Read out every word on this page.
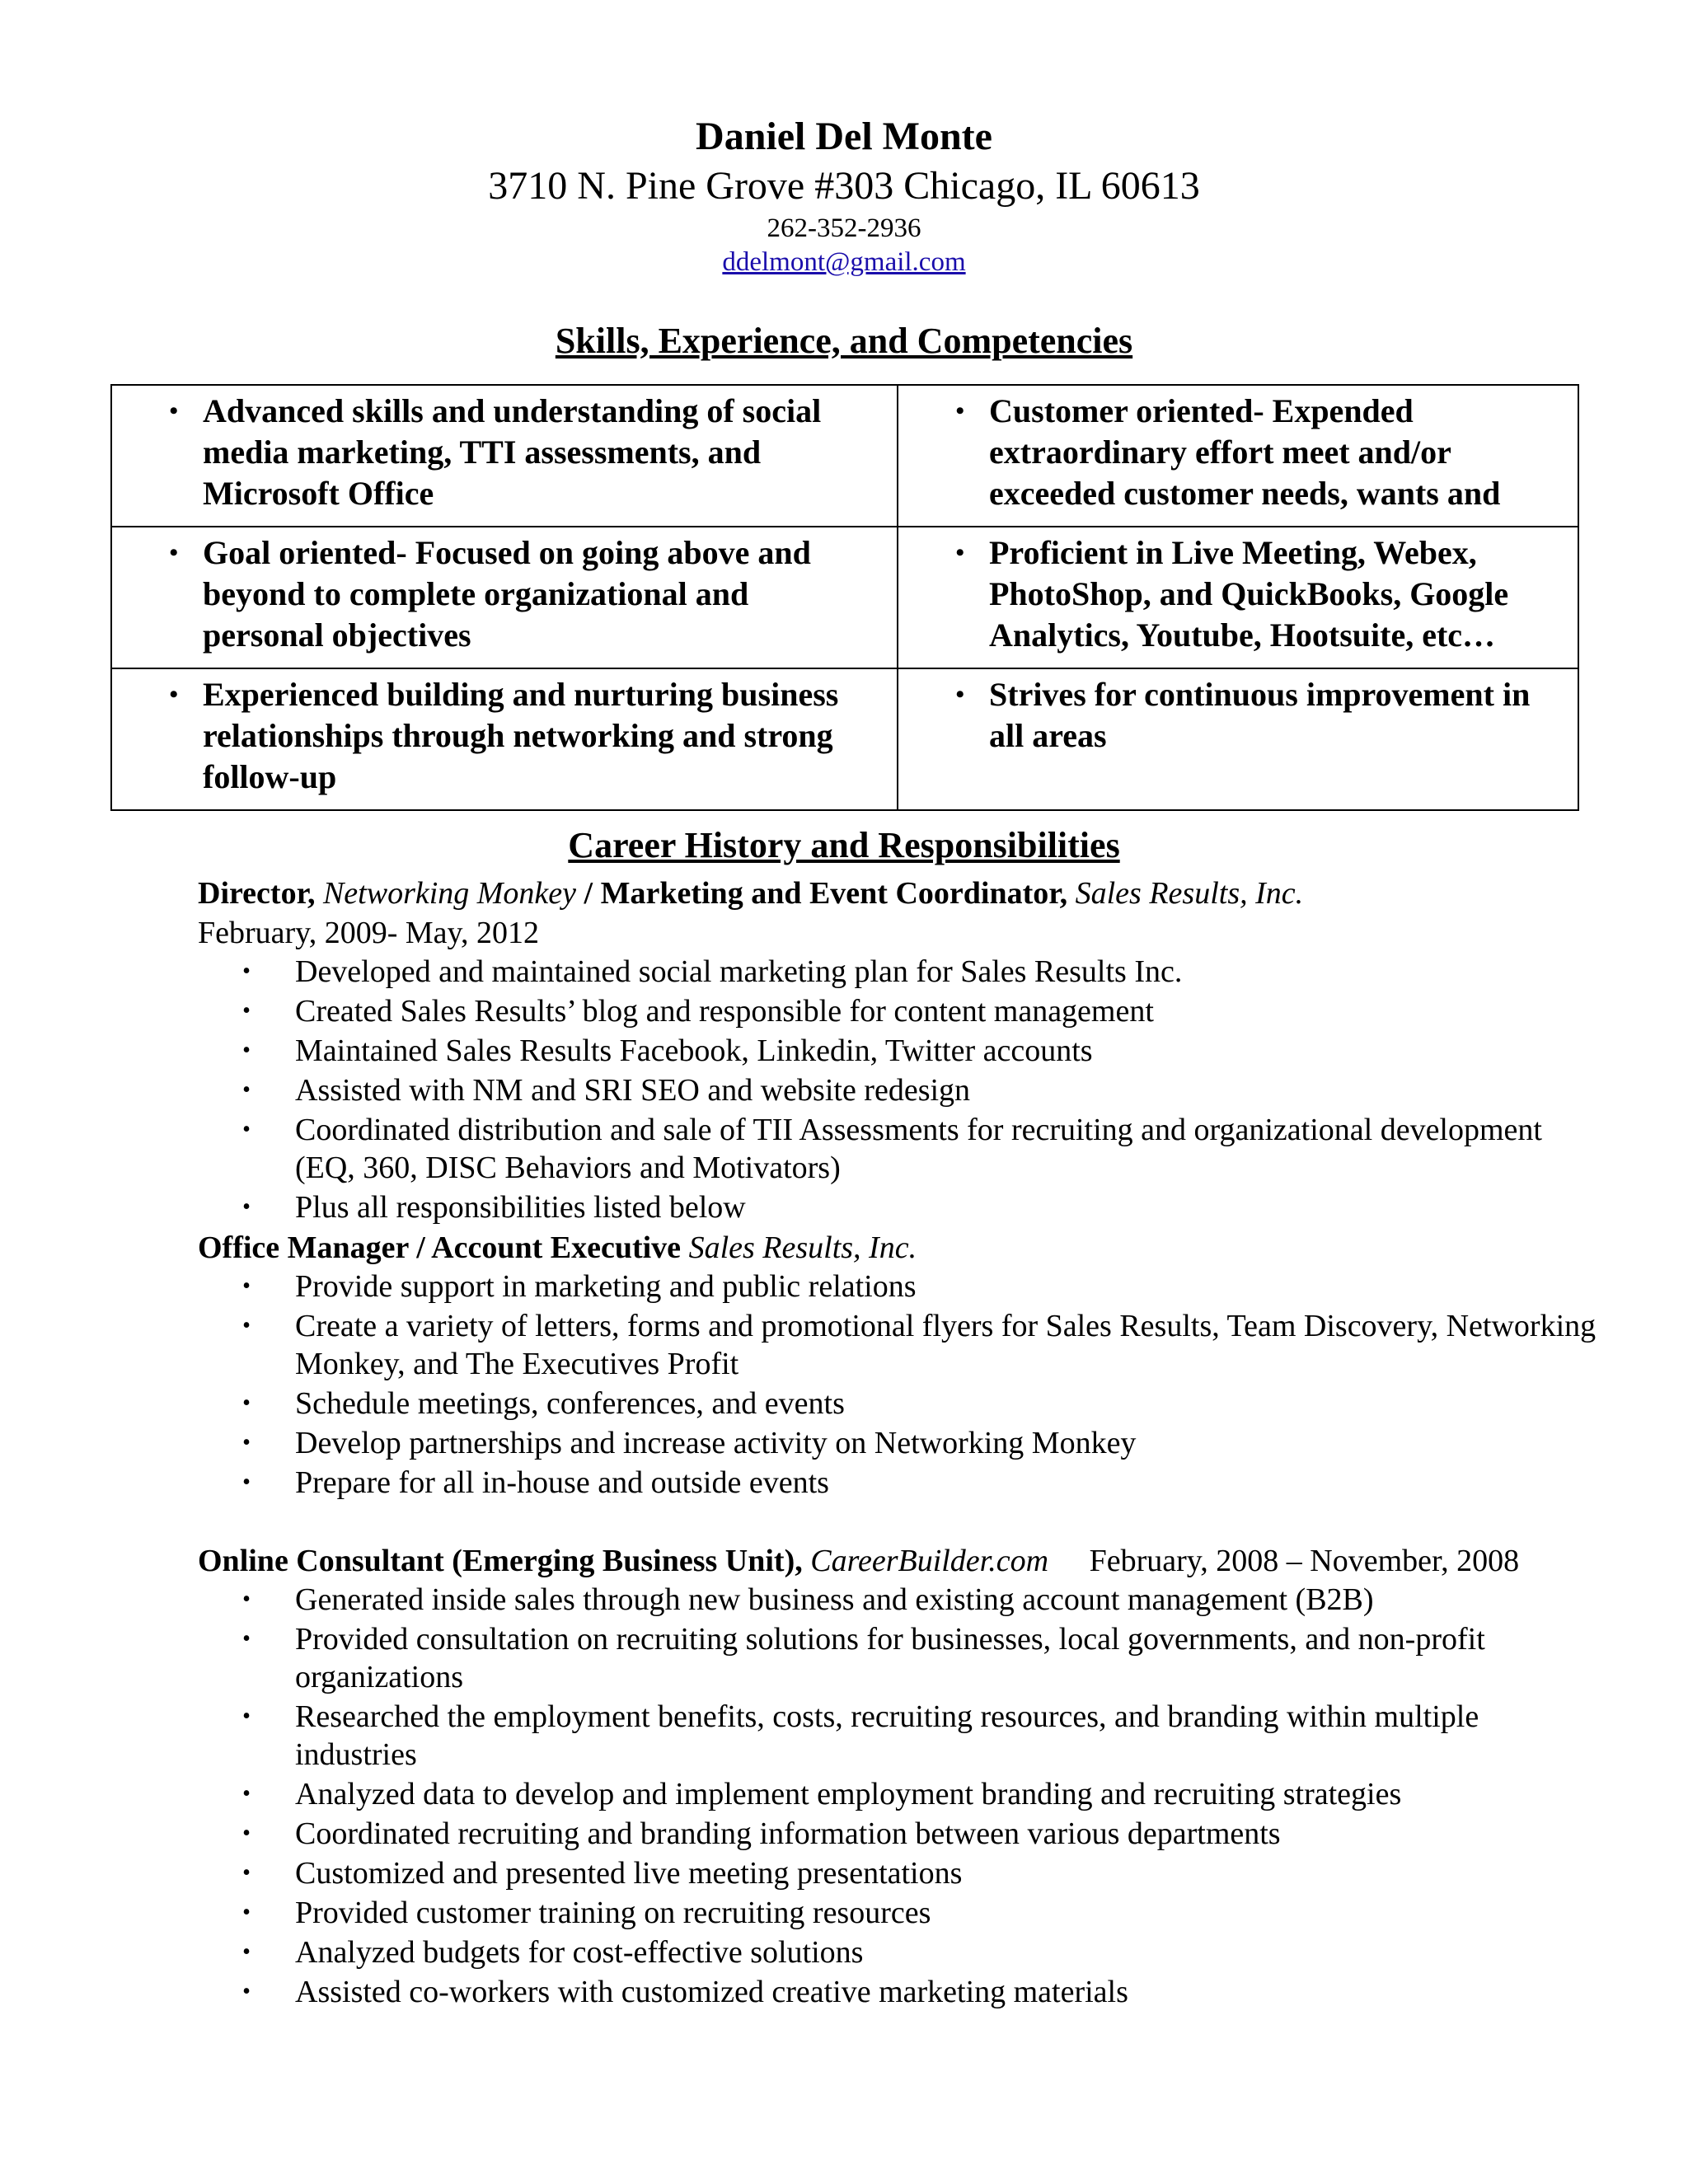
Daniel Del Monte
3710 N. Pine Grove #303 Chicago, IL 60613
262-352-2936
ddelmont@gmail.com
Skills, Experience, and Competencies
• Advanced skills and understanding of social media marketing, TTI assessments, and Microsoft Office	• Customer oriented- Expended extraordinary effort meet and/or exceeded customer needs, wants and

• Goal oriented- Focused on going above and beyond to complete organizational and personal objectives	• Proficient in Live Meeting, Webex, PhotoShop, and QuickBooks, Google Analytics, Youtube, Hootsuite, etc…

• Experienced building and nurturing business relationships through networking and strong follow-up	• Strives for continuous improvement in all areas
Career History and Responsibilities
Director, Networking Monkey / Marketing and Event Coordinator, Sales Results, Inc.
February, 2009- May, 2012
•	Developed and maintained social marketing plan for Sales Results Inc.
•	Created Sales Results’ blog and responsible for content management
•	Maintained Sales Results Facebook, Linkedin, Twitter accounts
•	Assisted with NM and SRI SEO and website redesign
•	Coordinated distribution and sale of TII Assessments for recruiting and organizational development (EQ, 360, DISC Behaviors and Motivators)
•	Plus all responsibilities listed below
Office Manager / Account Executive Sales Results, Inc.
•	Provide support in marketing and public relations
•	Create a variety of letters, forms and promotional flyers for Sales Results, Team Discovery, Networking Monkey, and The Executives Profit
•	Schedule meetings, conferences, and events
•	Develop partnerships and increase activity on Networking Monkey
•	Prepare for all in-house and outside events
Online Consultant (Emerging Business Unit), CareerBuilder.com February, 2008 – November, 2008
•	Generated inside sales through new business and existing account management (B2B)
•	Provided consultation on recruiting solutions for businesses, local governments, and non-profit organizations
•	Researched the employment benefits, costs, recruiting resources, and branding within multiple industries
•	Analyzed data to develop and implement employment branding and recruiting strategies
•	Coordinated recruiting and branding information between various departments
•	Customized and presented live meeting presentations
•	Provided customer training on recruiting resources
•	Analyzed budgets for cost-effective solutions
•	Assisted co-workers with customized creative marketing materials
